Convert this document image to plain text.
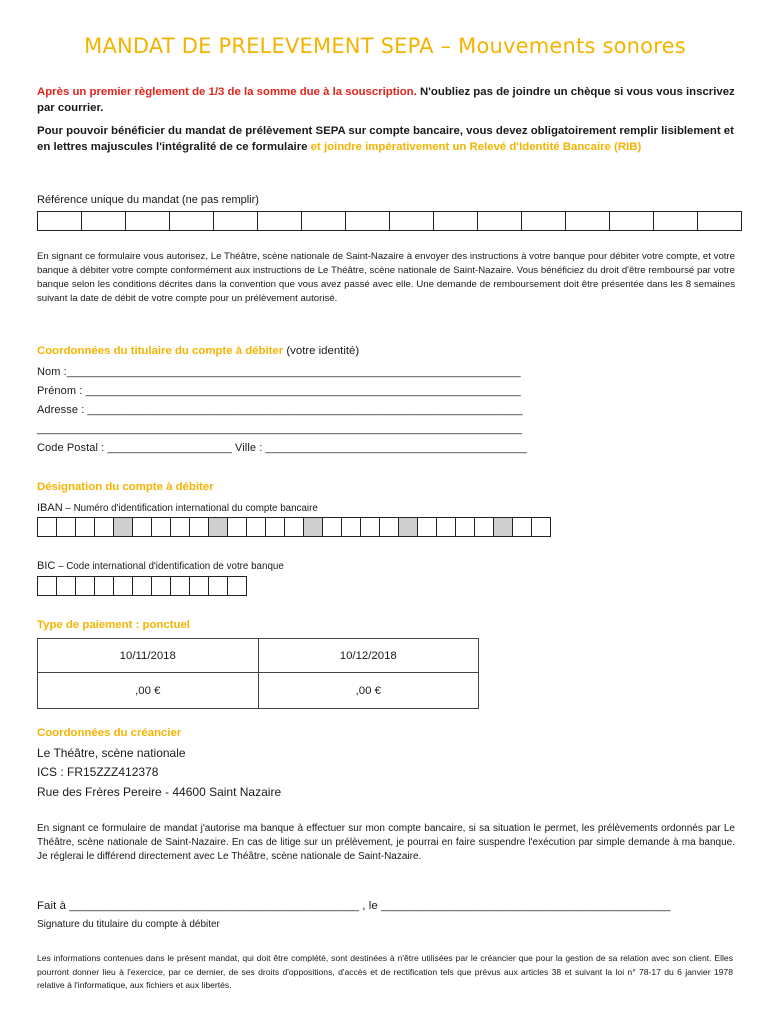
MANDAT DE PRELEVEMENT SEPA – Mouvements sonores
Après un premier règlement de 1/3 de la somme due à la souscription. N'oubliez pas de joindre un chèque si vous vous inscrivez par courrier.
Pour pouvoir bénéficier du mandat de prélèvement SEPA sur compte bancaire, vous devez obligatoirement remplir lisiblement et en lettres majuscules l'intégralité de ce formulaire et joindre impérativement un Relevé d'Identité Bancaire (RIB)
Référence unique du mandat (ne pas remplir)
En signant ce formulaire vous autorisez, Le Théâtre, scène nationale de Saint-Nazaire à envoyer des instructions à votre banque pour débiter votre compte, et votre banque à débiter votre compte conformément aux instructions de Le Théâtre, scène nationale de Saint-Nazaire. Vous bénéficiez du droit d'être remboursé par votre banque selon les conditions décrites dans la convention que vous avez passé avec elle. Une demande de remboursement doit être présentée dans les 8 semaines suivant la date de débit de votre compte pour un prélèvement autorisé.
Coordonnées du titulaire du compte à débiter (votre identité)
Nom :_________________________________________________________________________
Prénom : ______________________________________________________________________
Adresse : ______________________________________________________________________
______________________________________________________________________________
Code Postal : ____________________ Ville : __________________________________________
Désignation du compte à débiter
IBAN – Numéro d'identification international du compte bancaire
BIC – Code international d'identification de votre banque
Type de paiement : ponctuel
10/11/2018	10/12/2018
,00 €	,00 €
Coordonnées du créancier
Le Théâtre, scène nationale
ICS : FR15ZZZ412378
Rue des Frères Pereire - 44600 Saint Nazaire
En signant ce formulaire de mandat j'autorise ma banque à effectuer sur mon compte bancaire, si sa situation le permet, les prélèvements ordonnés par Le Théâtre, scène nationale de Saint-Nazaire. En cas de litige sur un prélèvement, je pourrai en faire suspendre l'exécution par simple demande à ma banque. Je réglerai le différend directement avec Le Théâtre, scène nationale de Saint-Nazaire.
Fait à _____________________________________________ , le _____________________________________________
Signature du titulaire du compte à débiter
Les informations contenues dans le présent mandat, qui doit être complété, sont destinées à n'être utilisées par le créancier que pour la gestion de sa relation avec son client. Elles pourront donner lieu à l'exercice, par ce dernier, de ses droits d'oppositions, d'accès et de rectification tels que prévus aux articles 38 et suivant la loi n° 78-17 du 6 janvier 1978 relative à l'informatique, aux fichiers et aux libertés.
